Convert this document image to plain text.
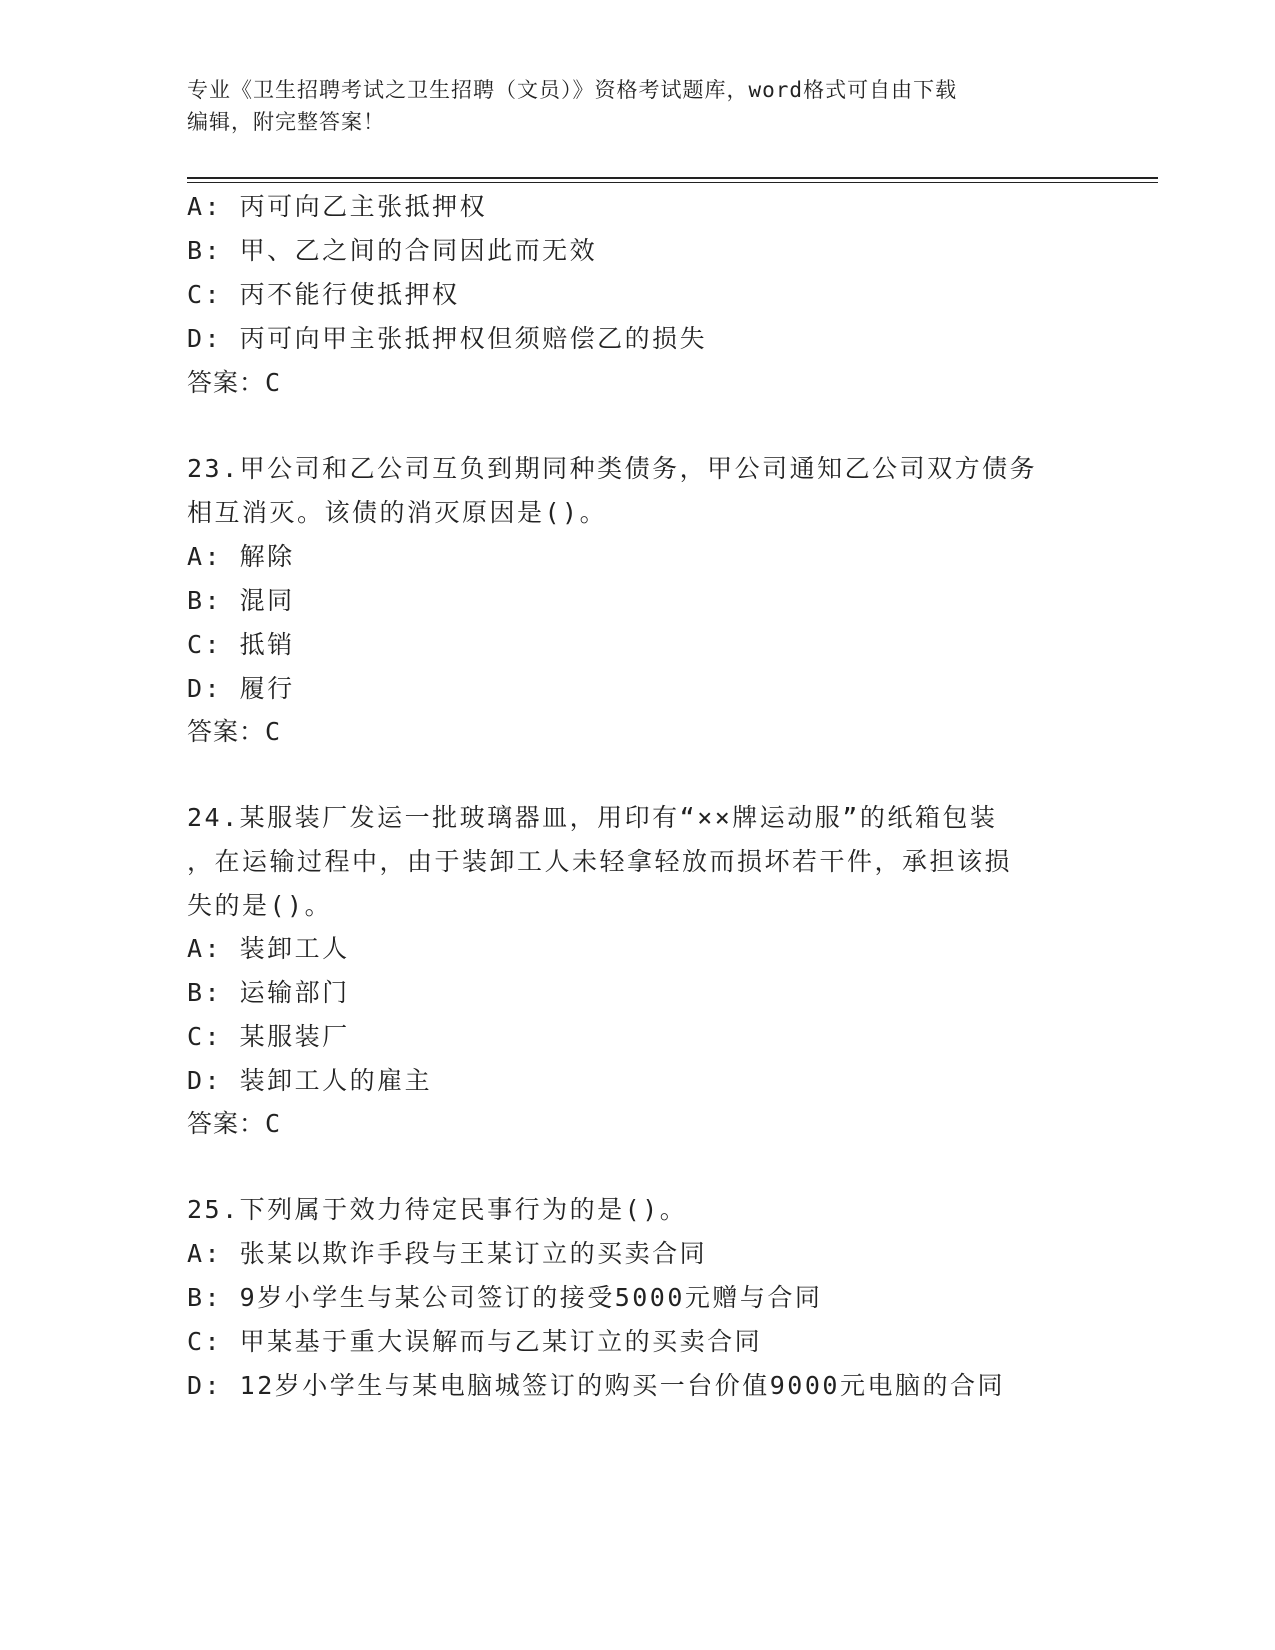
专业《卫生招聘考试之卫生招聘（文员）》资格考试题库，word格式可自由下载
编辑，附完整答案！
A: 丙可向乙主张抵押权
B: 甲、乙之间的合同因此而无效
C: 丙不能行使抵押权
D: 丙可向甲主张抵押权但须赔偿乙的损失
答案：C
23.甲公司和乙公司互负到期同种类债务，甲公司通知乙公司双方债务
相互消灭。该债的消灭原因是()。
A: 解除
B: 混同
C: 抵销
D: 履行
答案：C
24.某服装厂发运一批玻璃器皿，用印有“××牌运动服”的纸箱包装
，在运输过程中，由于装卸工人未轻拿轻放而损坏若干件，承担该损
失的是()。
A: 装卸工人
B: 运输部门
C: 某服装厂
D: 装卸工人的雇主
答案：C
25.下列属于效力待定民事行为的是()。
A: 张某以欺诈手段与王某订立的买卖合同
B: 9岁小学生与某公司签订的接受5000元赠与合同
C: 甲某基于重大误解而与乙某订立的买卖合同
D: 12岁小学生与某电脑城签订的购买一台价值9000元电脑的合同
